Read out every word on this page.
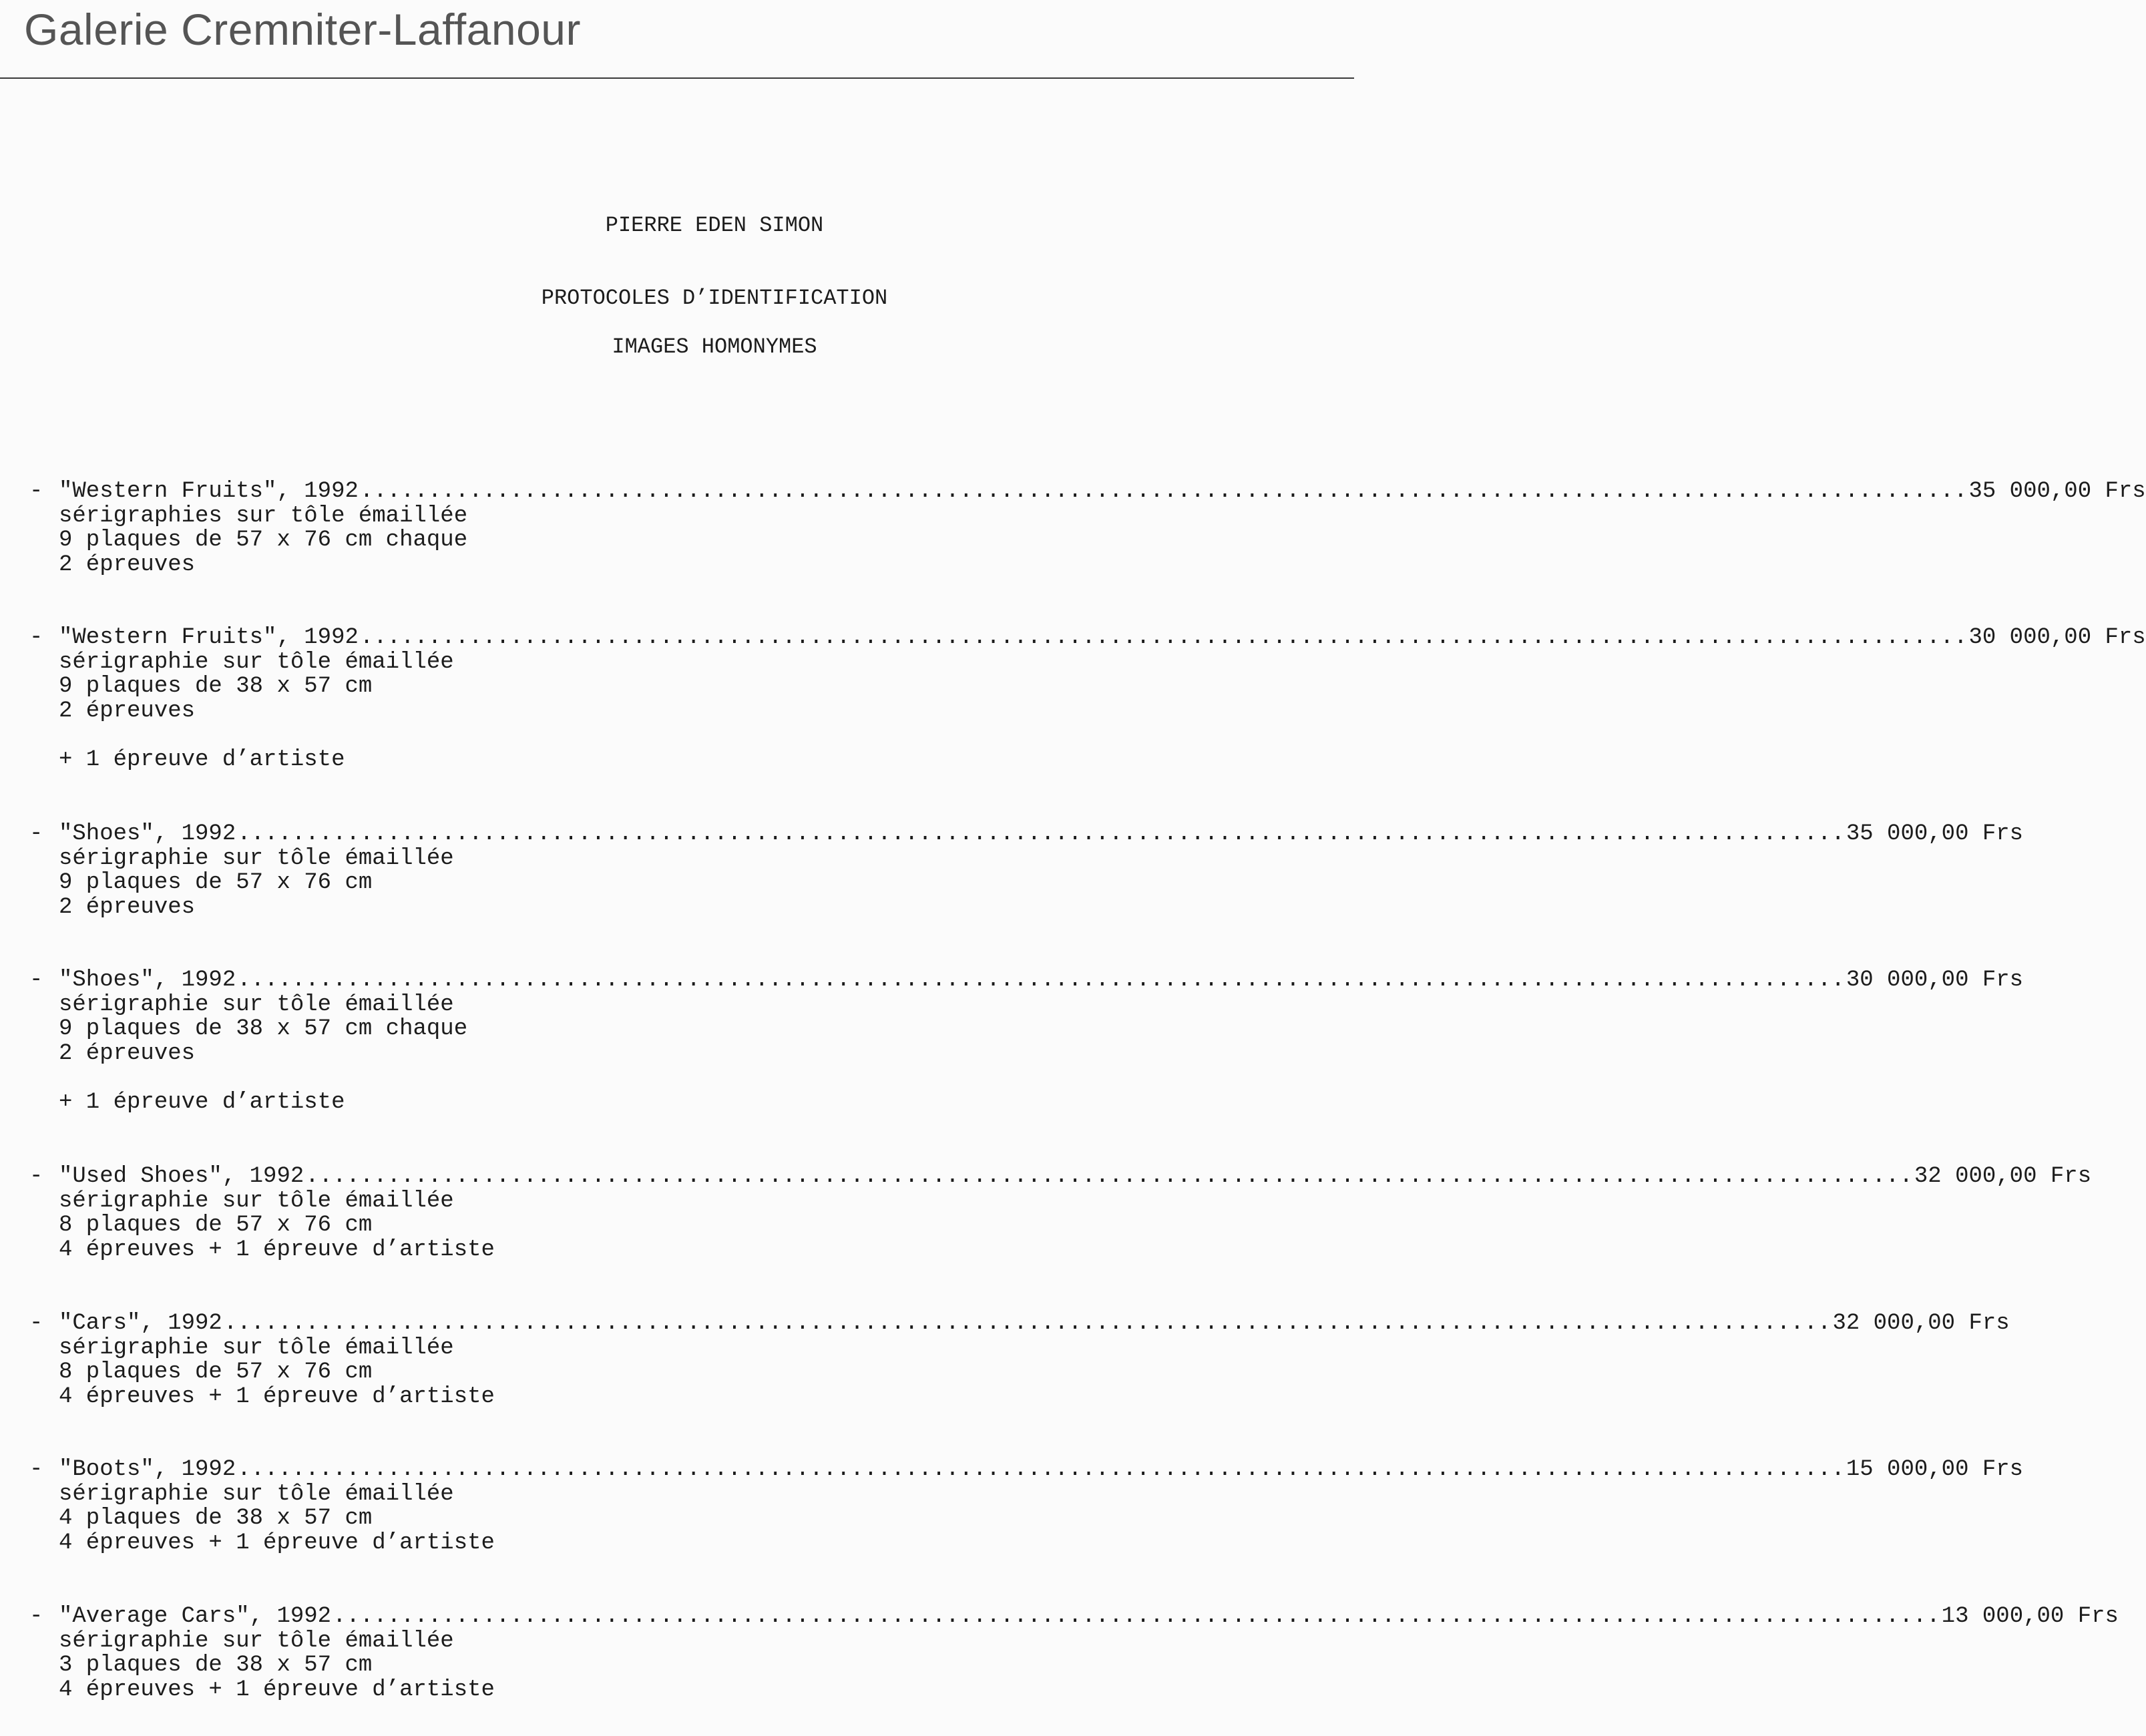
Galerie Cremniter-Laffanour
PIERRE EDEN SIMON
PROTOCOLES D’IDENTIFICATION
IMAGES HOMONYMES
- "Western Fruits", 1992 ...................................................................................................................... 35 000,00 Frs
sérigraphies sur tôle émaillée
9 plaques de 57 x 76 cm chaque
2 épreuves
- "Western Fruits", 1992 ...................................................................................................................... 30 000,00 Frs
sérigraphie sur tôle émaillée
9 plaques de 38 x 57 cm
2 épreuves
+ 1 épreuve d’artiste
- "Shoes", 1992 ...................................................................................................................... 35 000,00 Frs
sérigraphie sur tôle émaillée
9 plaques de 57 x 76 cm
2 épreuves
- "Shoes", 1992 ...................................................................................................................... 30 000,00 Frs
sérigraphie sur tôle émaillée
9 plaques de 38 x 57 cm chaque
2 épreuves
+ 1 épreuve d’artiste
- "Used Shoes", 1992 ...................................................................................................................... 32 000,00 Frs
sérigraphie sur tôle émaillée
8 plaques de 57 x 76 cm
4 épreuves + 1 épreuve d’artiste
- "Cars", 1992 ...................................................................................................................... 32 000,00 Frs
sérigraphie sur tôle émaillée
8 plaques de 57 x 76 cm
4 épreuves + 1 épreuve d’artiste
- "Boots", 1992 ...................................................................................................................... 15 000,00 Frs
sérigraphie sur tôle émaillée
4 plaques de 38 x 57 cm
4 épreuves + 1 épreuve d’artiste
- "Average Cars", 1992 ...................................................................................................................... 13 000,00 Frs
sérigraphie sur tôle émaillée
3 plaques de 38 x 57 cm
4 épreuves + 1 épreuve d’artiste
